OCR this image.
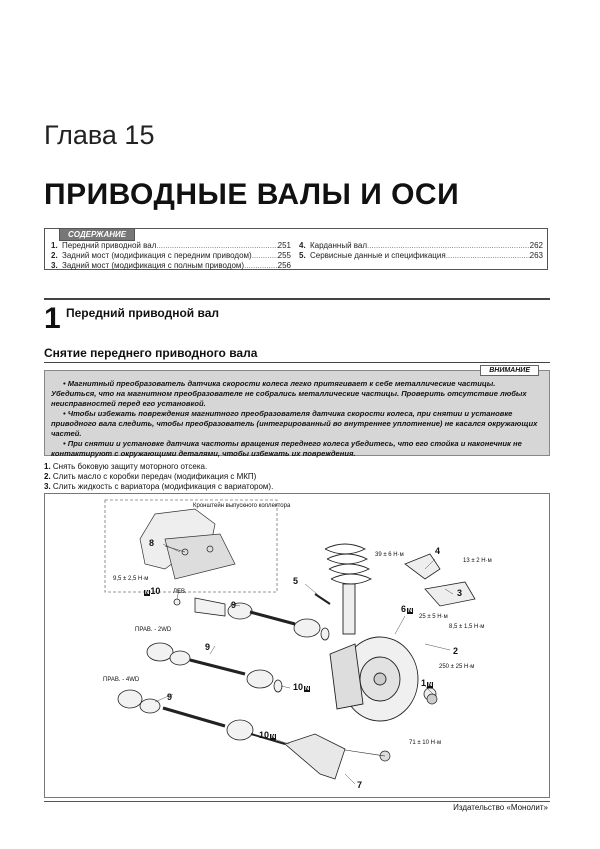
Глава 15
ПРИВОДНЫЕ ВАЛЫ И ОСИ
СОДЕРЖАНИЕ
1. Передний приводной вал .....	251
2. Задний мост (модификация с передним приводом) .....	255
3. Задний мост (модификация с полным приводом) .....	256
4. Карданный вал .....	262
5. Сервисные данные и спецификация .....	263
1 Передний приводной вал
Снятие переднего приводного вала
ВНИМАНИЕ

• Магнитный преобразователь датчика скорости колеса легко притягивает к себе металлические частицы. Убедиться, что на магнитном преобразователе не собрались металлические частицы. Проверить отсутствие любых неисправностей перед его установкой.

• Чтобы избежать повреждения магнитного преобразователя датчика скорости колеса, при снятии и установке приводного вала следить, чтобы преобразователь (интегрированный во внутреннее уплотнение) не касался окружающих частей.

• При снятии и установке датчика частоты вращения переднего колеса убедитесь, что его стойка и наконечник не контактируют с окружающими деталями, чтобы избежать их повреждения.

1. Снять боковую защиту моторного отсека.
2. Слить масло с коробки передач (модификация с МКП)
3. Слить жидкость с вариатора (модификация с вариатором).
Кронштейн выпускного коллектора
9,5 ± 2,5 Н·м
39 ± 6 Н·м
13 ± 2 Н·м
25 ± 5 Н·м
8,5 ± 1,5 Н·м
250 ± 25 Н·м
71 ± 10 Н·м
ЛЕВ.
ПРАВ. - 2WD
ПРАВ. - 4WD
8
N10
9
9
9
10 N
10 N
5
4
3
6 N
2
1 N
7
Издательство «Монолит»
